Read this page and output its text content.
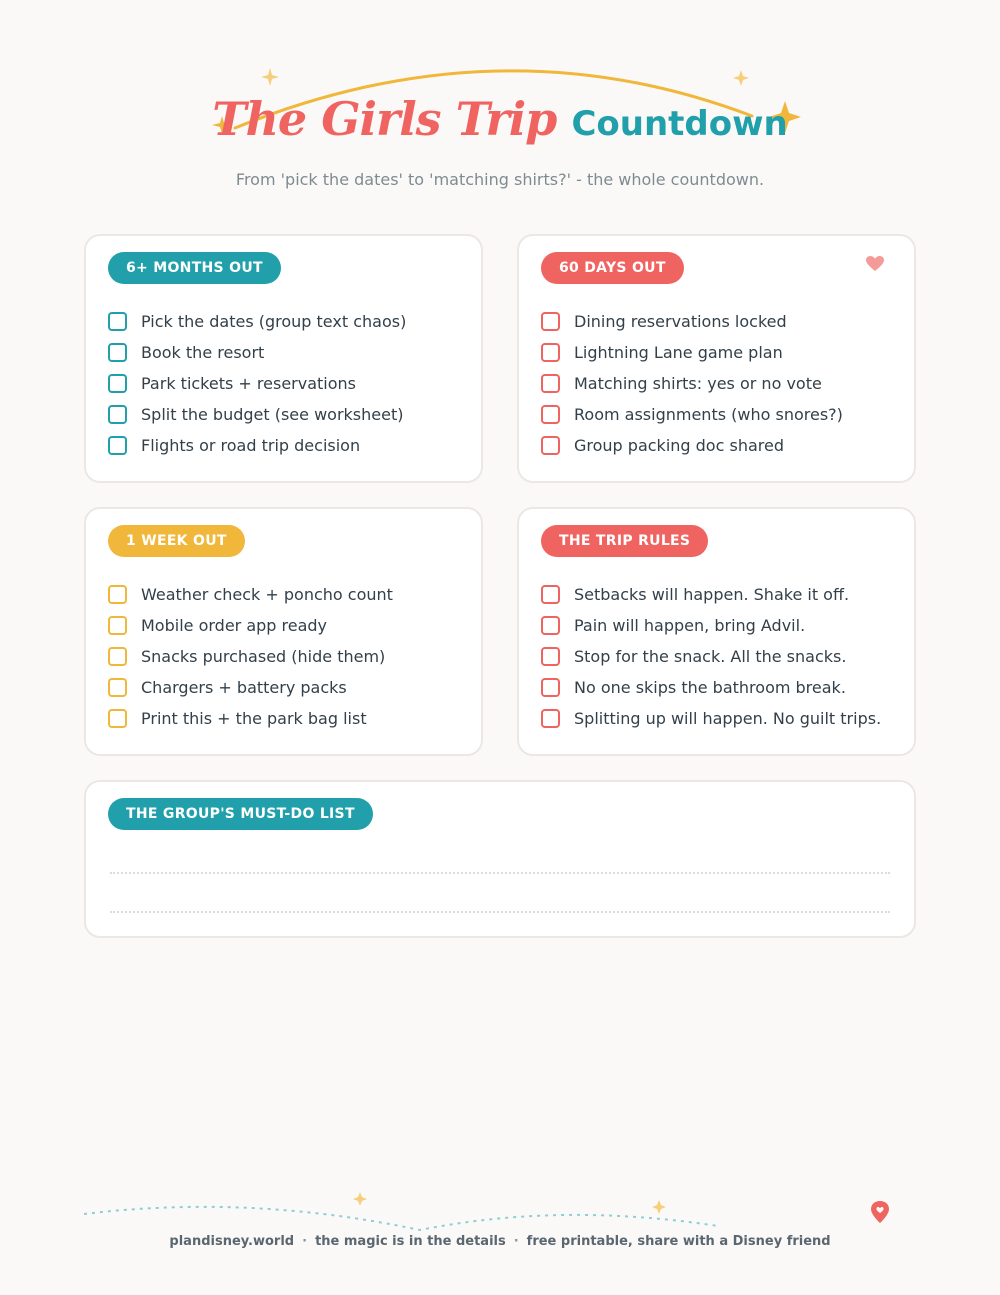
The Girls Trip Countdown
From 'pick the dates' to 'matching shirts?' - the whole countdown.
6+ MONTHS OUT
Pick the dates (group text chaos)
Book the resort
Park tickets + reservations
Split the budget (see worksheet)
Flights or road trip decision
60 DAYS OUT
Dining reservations locked
Lightning Lane game plan
Matching shirts: yes or no vote
Room assignments (who snores?)
Group packing doc shared
1 WEEK OUT
Weather check + poncho count
Mobile order app ready
Snacks purchased (hide them)
Chargers + battery packs
Print this + the park bag list
THE TRIP RULES
Setbacks will happen. Shake it off.
Pain will happen, bring Advil.
Stop for the snack. All the snacks.
No one skips the bathroom break.
Splitting up will happen. No guilt trips.
THE GROUP'S MUST-DO LIST
plandisney.world · the magic is in the details · free printable, share with a Disney friend
